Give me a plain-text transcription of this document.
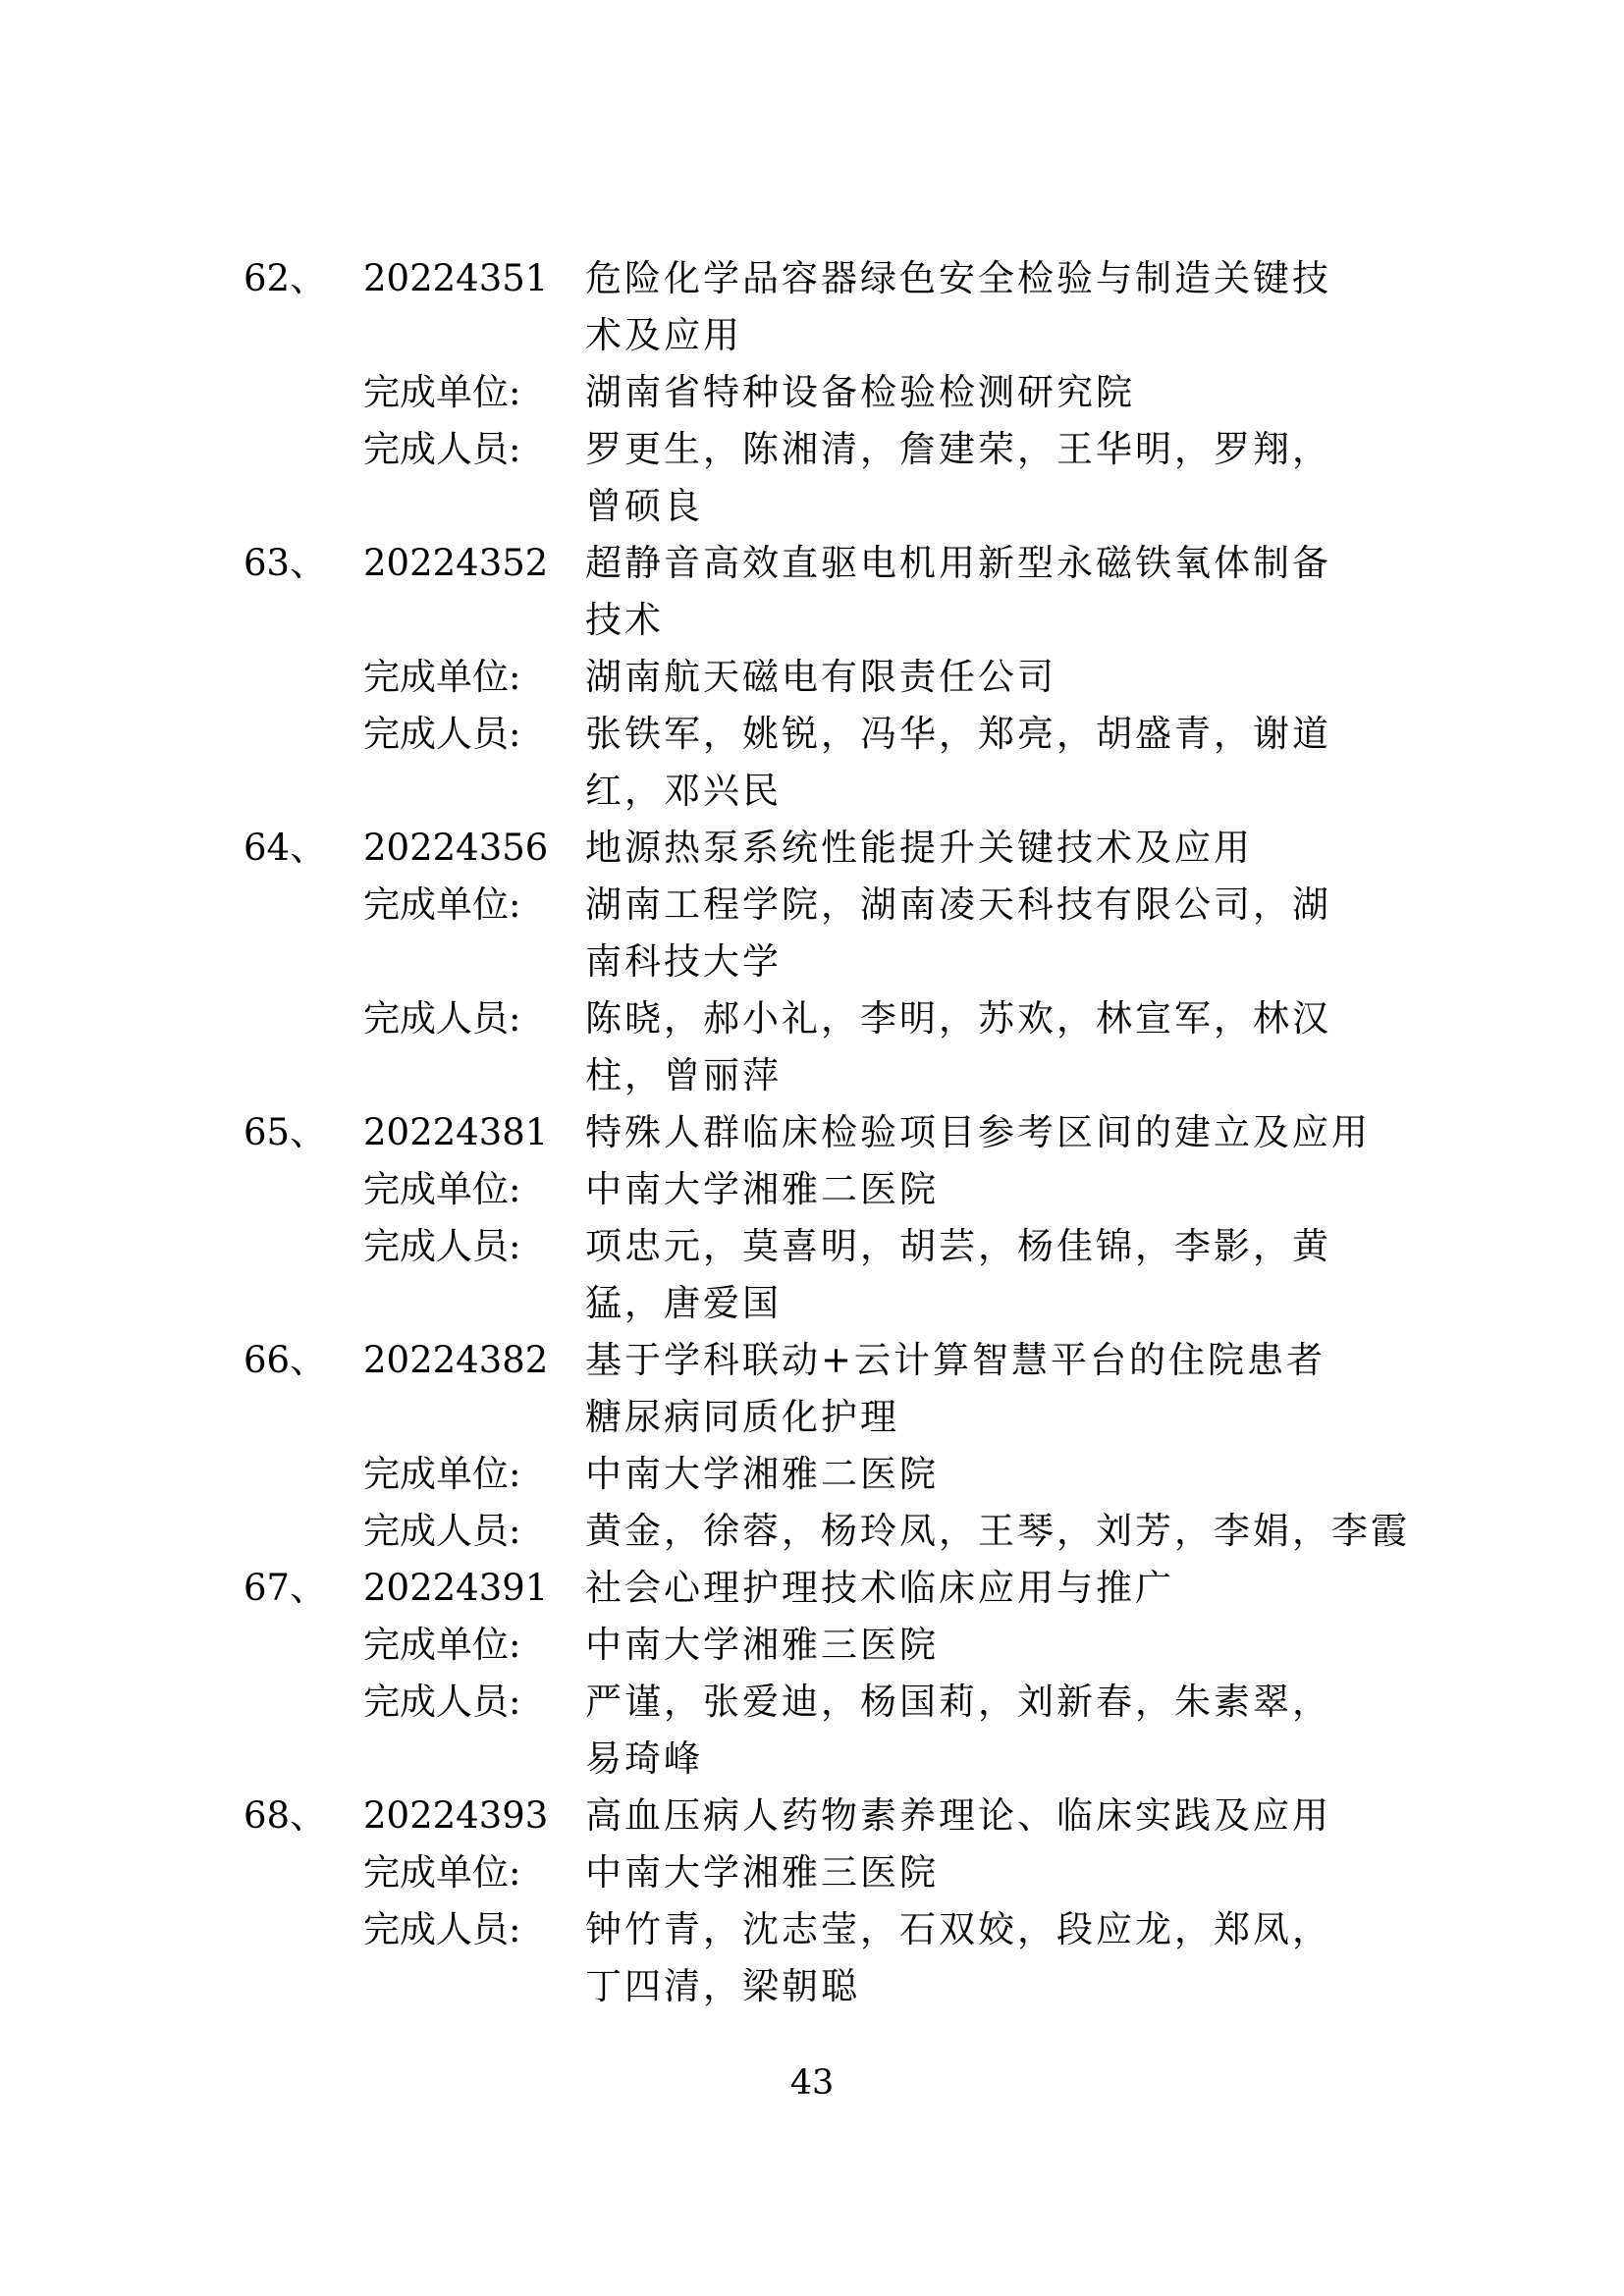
62、	20224351	危险化学品容器绿色安全检验与制造关键技
术及应用
完成单位:	湖南省特种设备检验检测研究院
完成人员:	罗更生，陈湘清，詹建荣，王华明，罗翔，
曾硕良
63、	20224352	超静音高效直驱电机用新型永磁铁氧体制备
技术
完成单位:	湖南航天磁电有限责任公司
完成人员:	张铁军，姚锐，冯华，郑亮，胡盛青，谢道
红，邓兴民
64、	20224356	地源热泵系统性能提升关键技术及应用
完成单位:	湖南工程学院，湖南凌天科技有限公司，湖
南科技大学
完成人员:	陈晓，郝小礼，李明，苏欢，林宣军，林汉
柱，曾丽萍
65、	20224381	特殊人群临床检验项目参考区间的建立及应用
完成单位:	中南大学湘雅二医院
完成人员:	项忠元，莫喜明，胡芸，杨佳锦，李影，黄
猛，唐爱国
66、	20224382	基于学科联动+云计算智慧平台的住院患者
糖尿病同质化护理
完成单位:	中南大学湘雅二医院
完成人员:	黄金，徐蓉，杨玲凤，王琴，刘芳，李娟，李霞
67、	20224391	社会心理护理技术临床应用与推广
完成单位:	中南大学湘雅三医院
完成人员:	严谨，张爱迪，杨国莉，刘新春，朱素翠，
易琦峰
68、	20224393	高血压病人药物素养理论、临床实践及应用
完成单位:	中南大学湘雅三医院
完成人员:	钟竹青，沈志莹，石双姣，段应龙，郑凤，
丁四清，梁朝聪
43
